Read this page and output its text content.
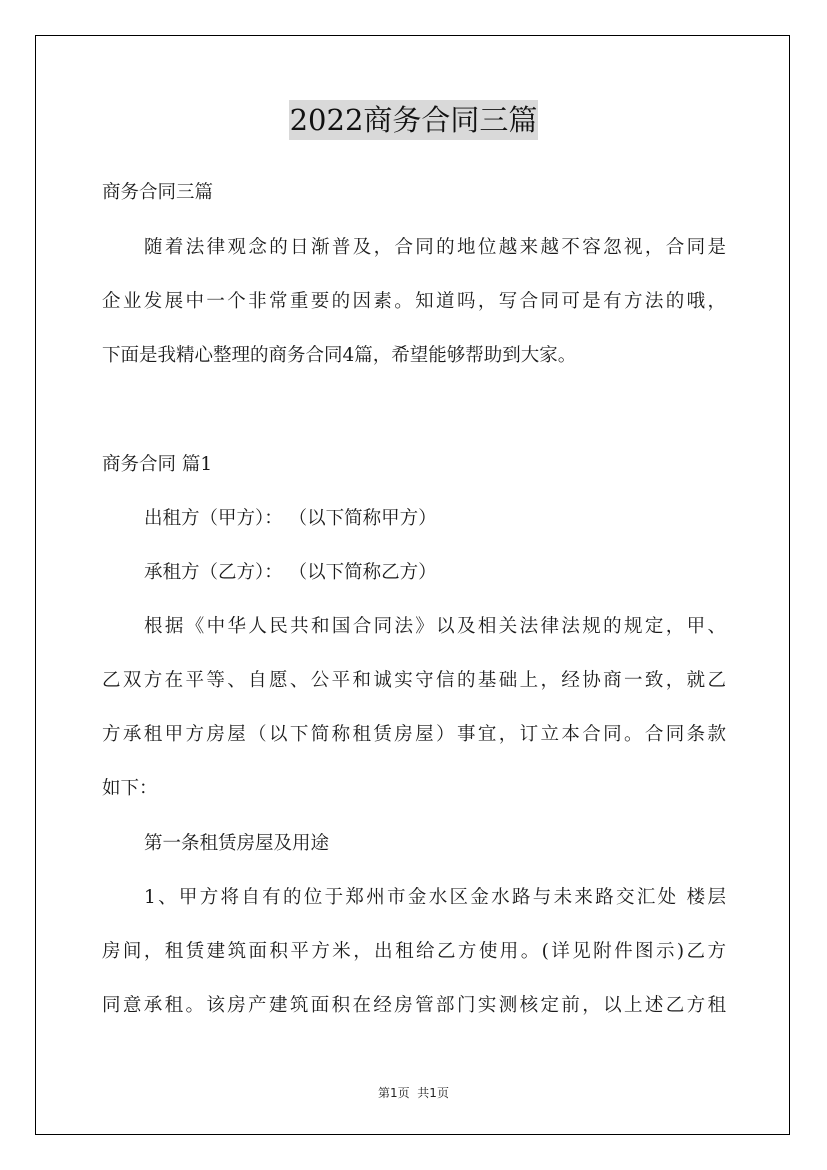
2022商务合同三篇
商务合同三篇
随着法律观念的日渐普及，合同的地位越来越不容忽视，合同是
企业发展中一个非常重要的因素。知道吗，写合同可是有方法的哦，
下面是我精心整理的商务合同4篇，希望能够帮助到大家。
商务合同 篇1
出租方（甲方）： （以下简称甲方）
承租方（乙方）： （以下简称乙方）
根据《中华人民共和国合同法》以及相关法律法规的规定，甲、
乙双方在平等、自愿、公平和诚实守信的基础上，经协商一致，就乙
方承租甲方房屋（以下简称租赁房屋）事宜，订立本合同。合同条款
如下：
第一条租赁房屋及用途
1、甲方将自有的位于郑州市金水区金水路与未来路交汇处 楼层
房间，租赁建筑面积平方米，出租给乙方使用。(详见附件图示)乙方
同意承租。该房产建筑面积在经房管部门实测核定前，以上述乙方租
第1页  共1页
